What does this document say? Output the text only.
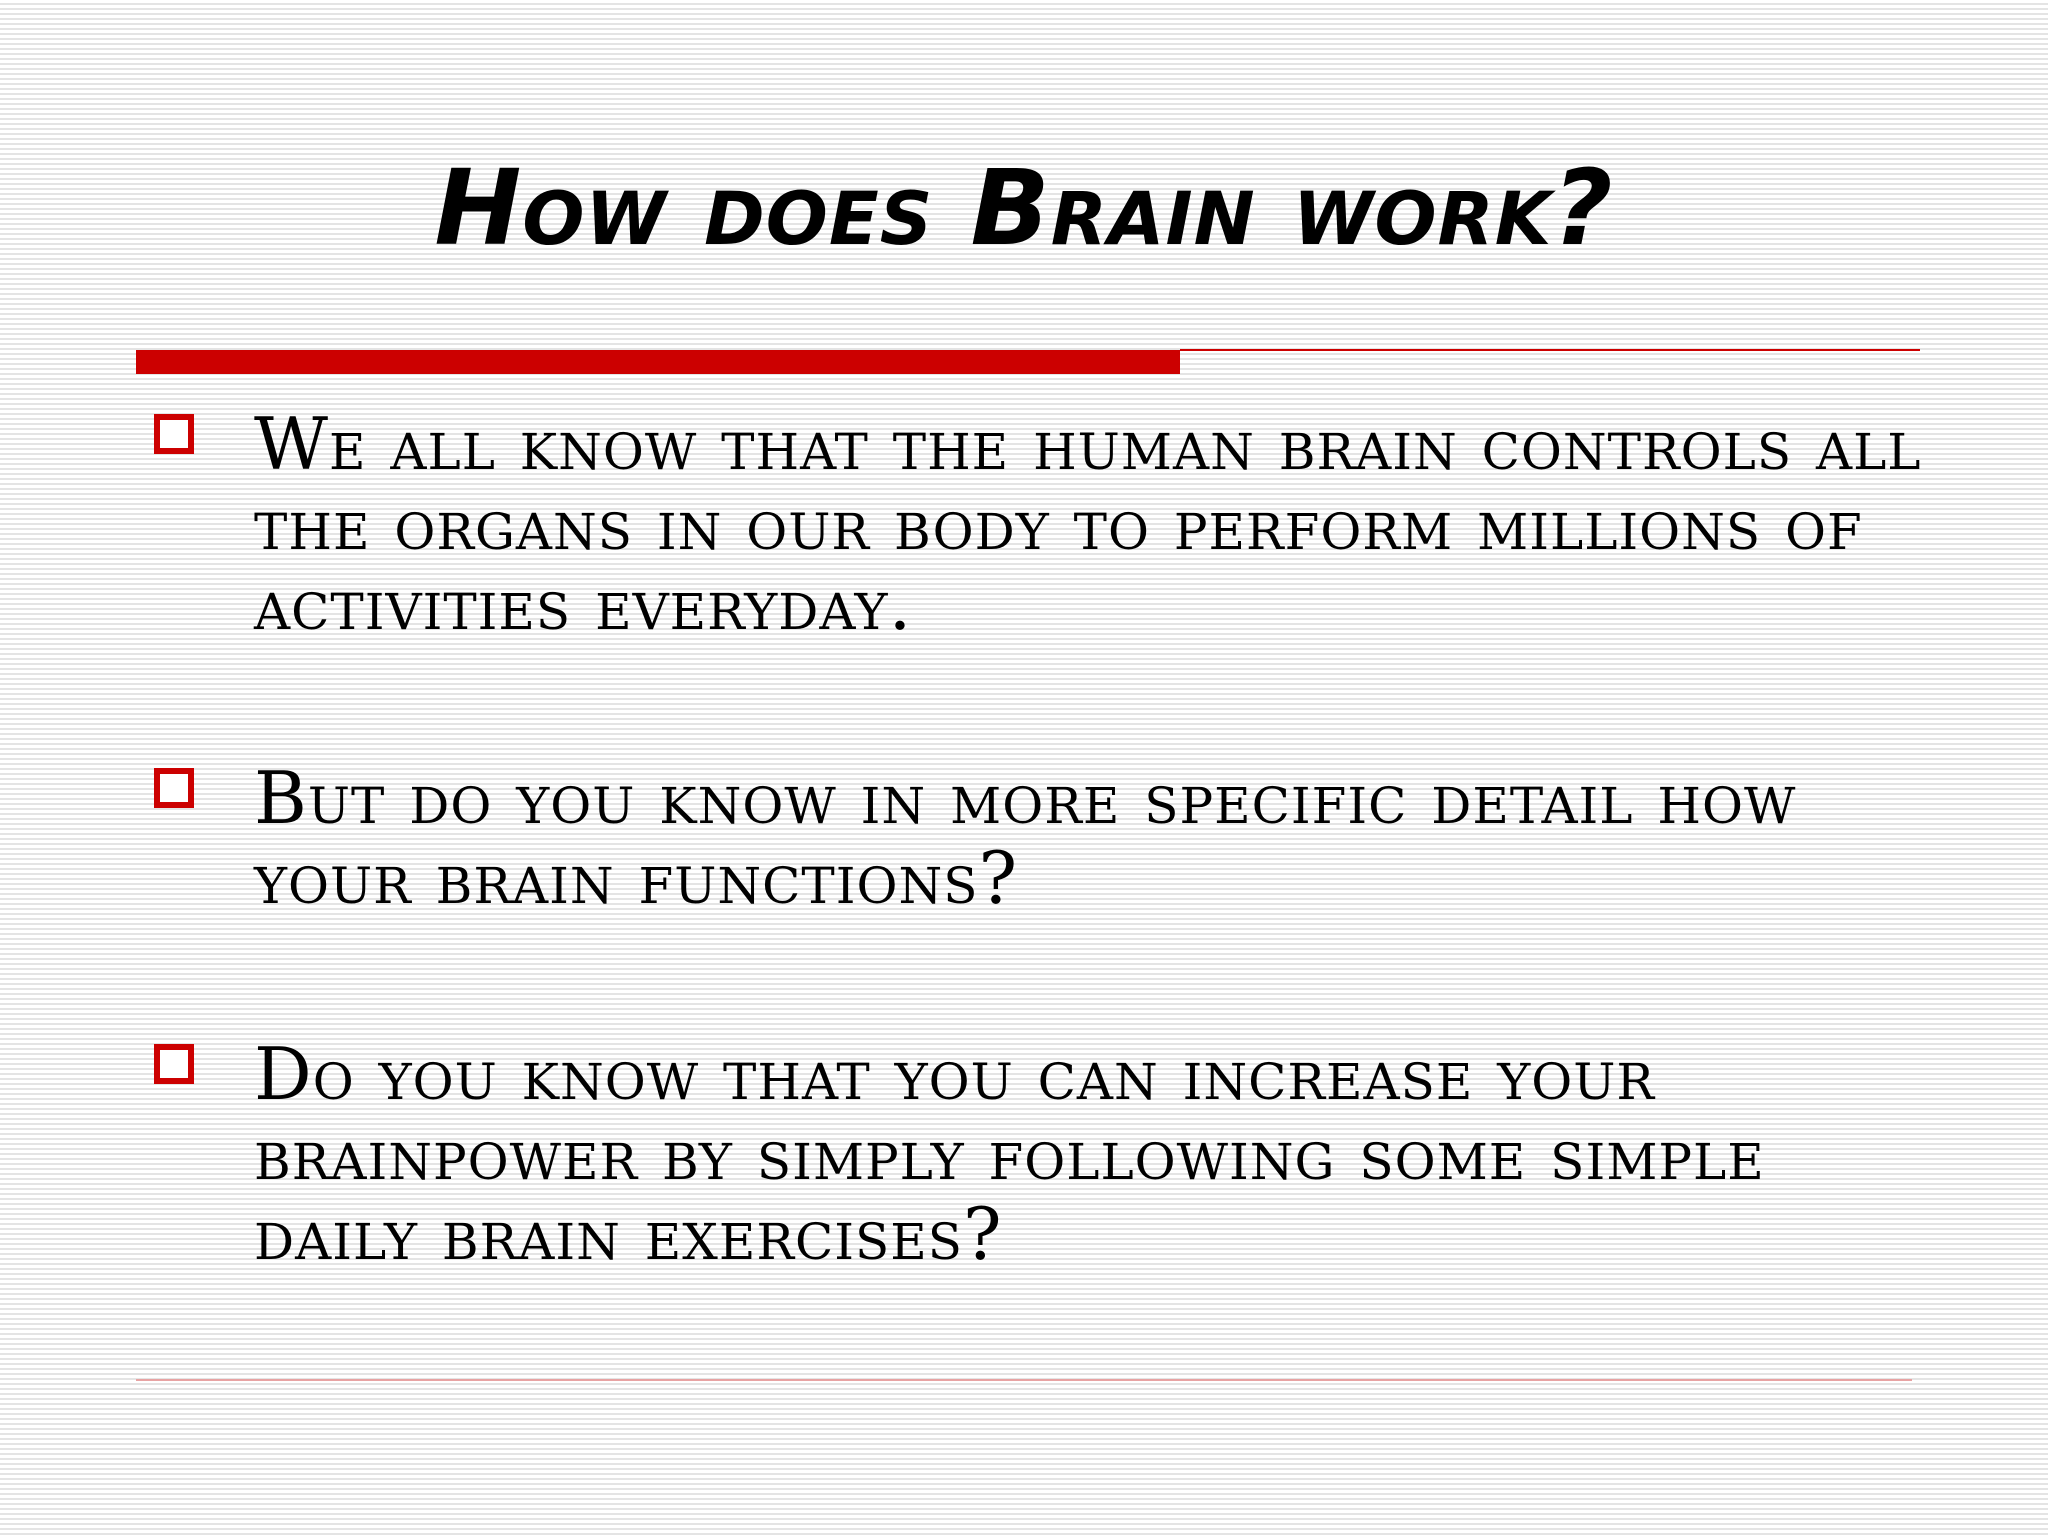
How does Brain work?
We all know that the human brain controls all the organs in our body to perform millions of activities everyday.
But do you know in more specific detail how your brain functions?
Do you know that you can increase your brainpower by simply following some simple daily brain exercises?
